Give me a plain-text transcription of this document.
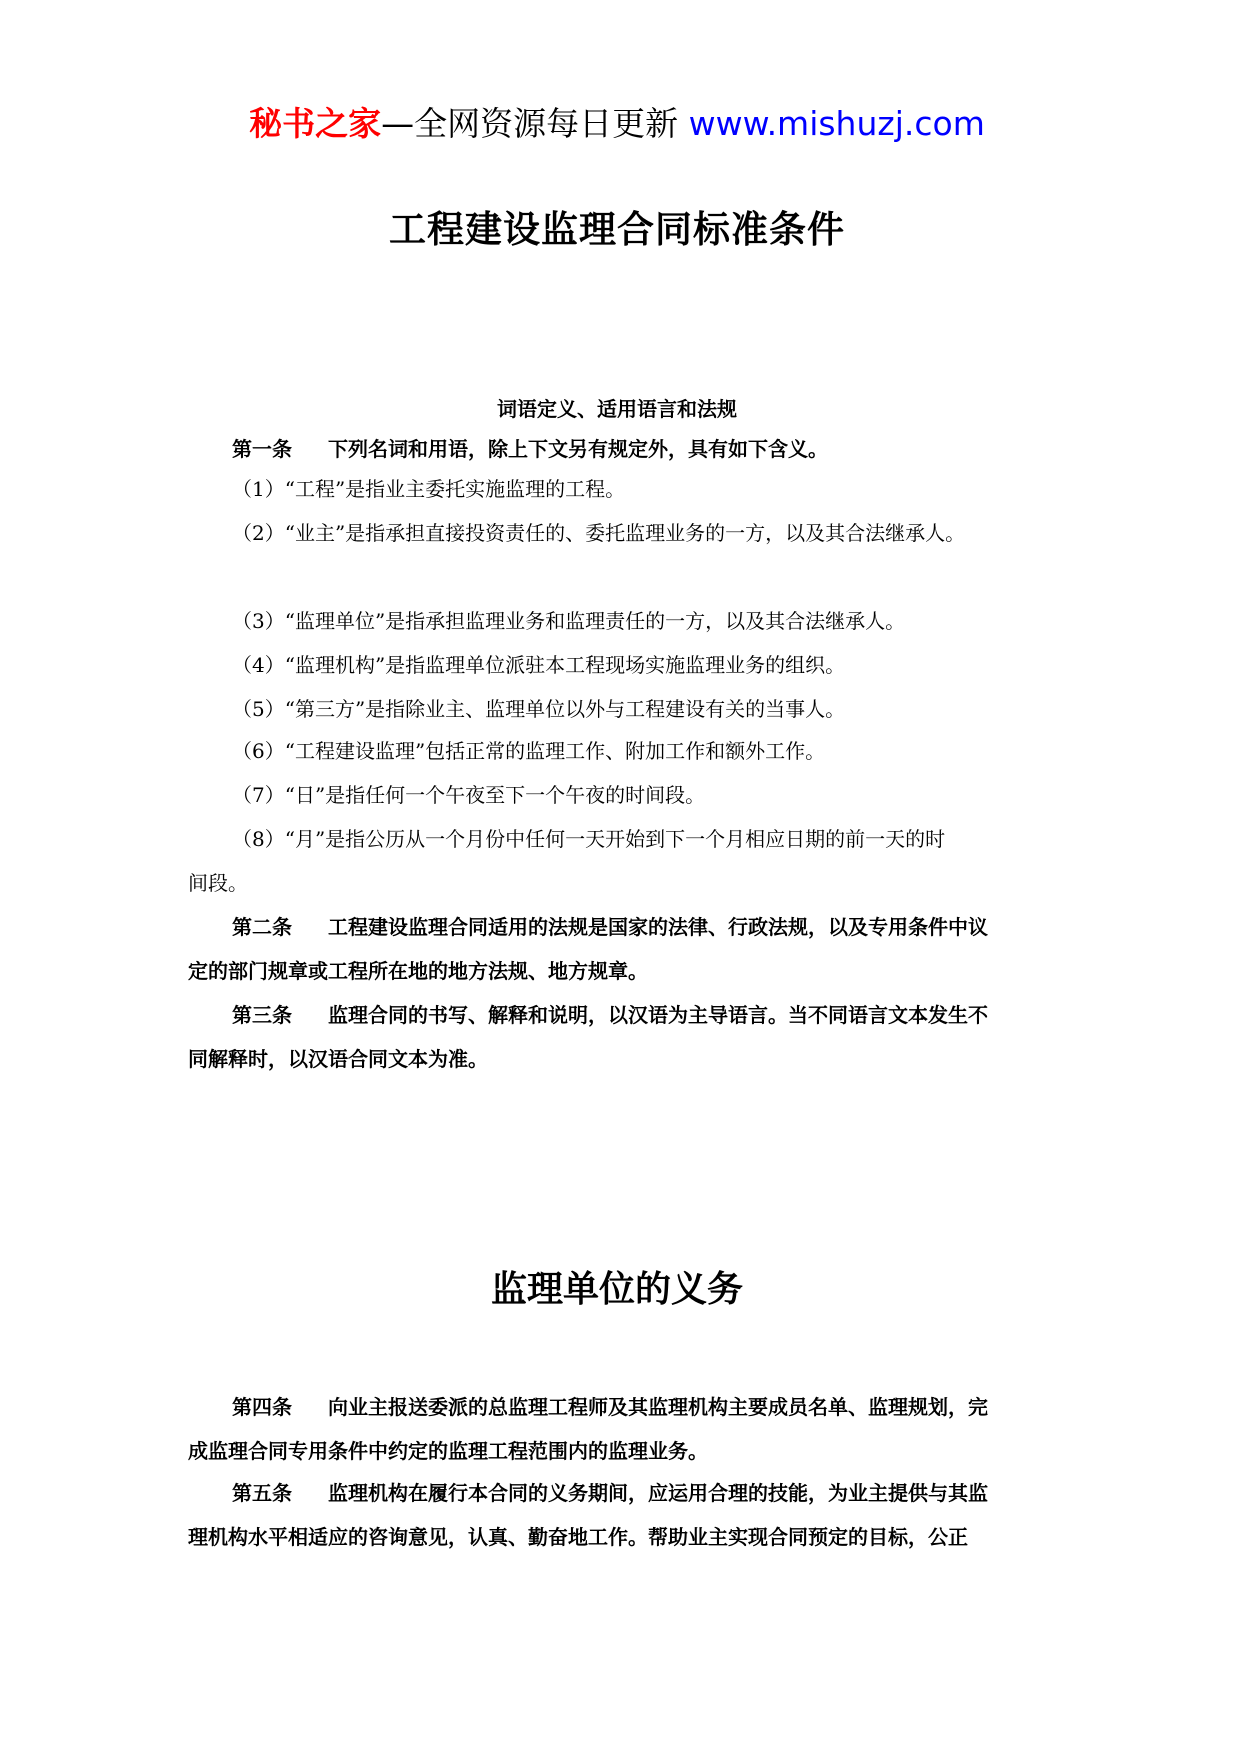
秘书之家—全网资源每日更新 www.mishuzj.com
工程建设监理合同标准条件
词语定义、适用语言和法规

第一条 下列名词和用语，除上下文另有规定外，具有如下含义。

（1）“工程”是指业主委托实施监理的工程。

（2）“业主”是指承担直接投资责任的、委托监理业务的一方，以及其合法继承人。

（3）“监理单位”是指承担监理业务和监理责任的一方，以及其合法继承人。

（4）“监理机构”是指监理单位派驻本工程现场实施监理业务的组织。

（5）“第三方”是指除业主、监理单位以外与工程建设有关的当事人。

（6）“工程建设监理”包括正常的监理工作、附加工作和额外工作。

（7）“日”是指任何一个午夜至下一个午夜的时间段。

（8）“月”是指公历从一个月份中任何一天开始到下一个月相应日期的前一天的时

间段。

第二条 工程建设监理合同适用的法规是国家的法律、行政法规，以及专用条件中议

定的部门规章或工程所在地的地方法规、地方规章。

第三条 监理合同的书写、解释和说明，以汉语为主导语言。当不同语言文本发生不

同解释时，以汉语合同文本为准。

监理单位的义务

第四条 向业主报送委派的总监理工程师及其监理机构主要成员名单、监理规划，完

成监理合同专用条件中约定的监理工程范围内的监理业务。

第五条 监理机构在履行本合同的义务期间，应运用合理的技能，为业主提供与其监

理机构水平相适应的咨询意见，认真、勤奋地工作。帮助业主实现合同预定的目标，公正
